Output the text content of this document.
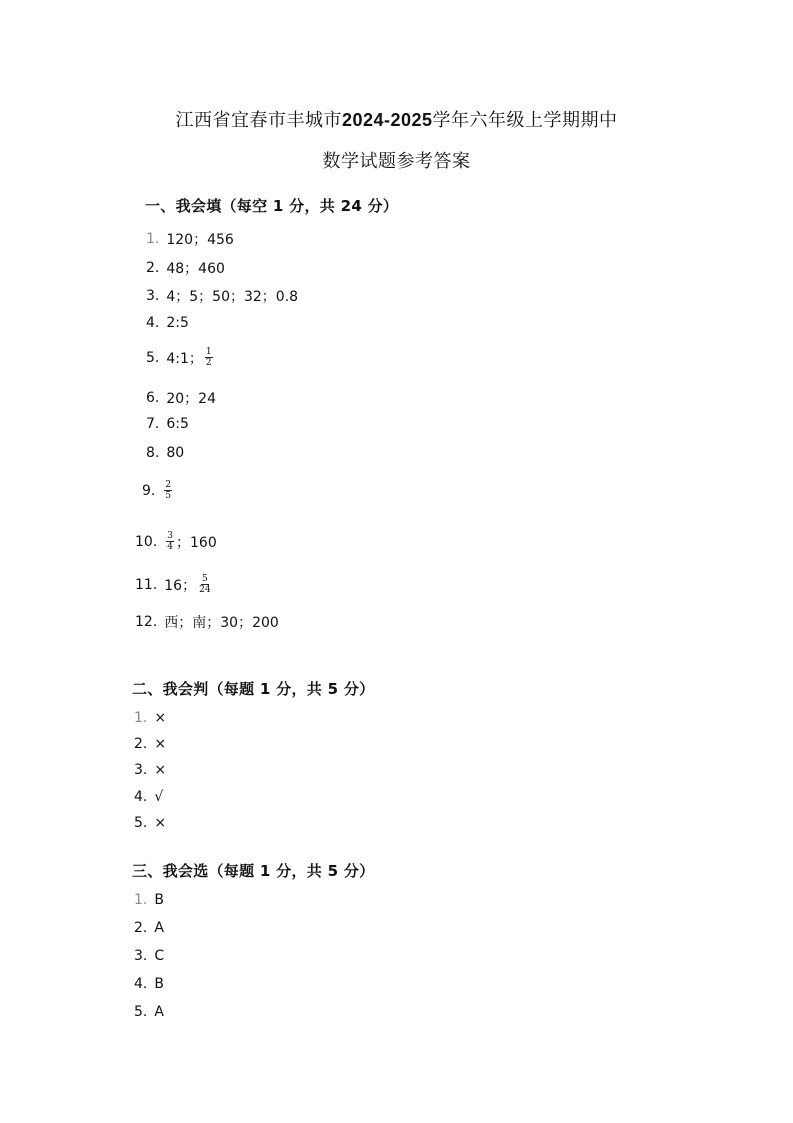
江西省宜春市丰城市2024-2025学年六年级上学期期中
数学试题参考答案
一、我会填（每空 1 分，共 24 分）
1. 120；456
2. 48；460
3. 4；5；50；32；0.8
4. 2:5
5. 4:1； $\frac{1}{2}$
6. 20；24
7. 6:5
8. 80
9. $\frac{2}{5}$
10. $\frac{3}{4}$ ；160
11. 16； $\frac{5}{24}$
12. 西；南；30；200
二、我会判（每题 1 分，共 5 分）
1. ×
2. ×
3. ×
4. √
5. ×
三、我会选（每题 1 分，共 5 分）
1. B
2. A
3. C
4. B
5. A
